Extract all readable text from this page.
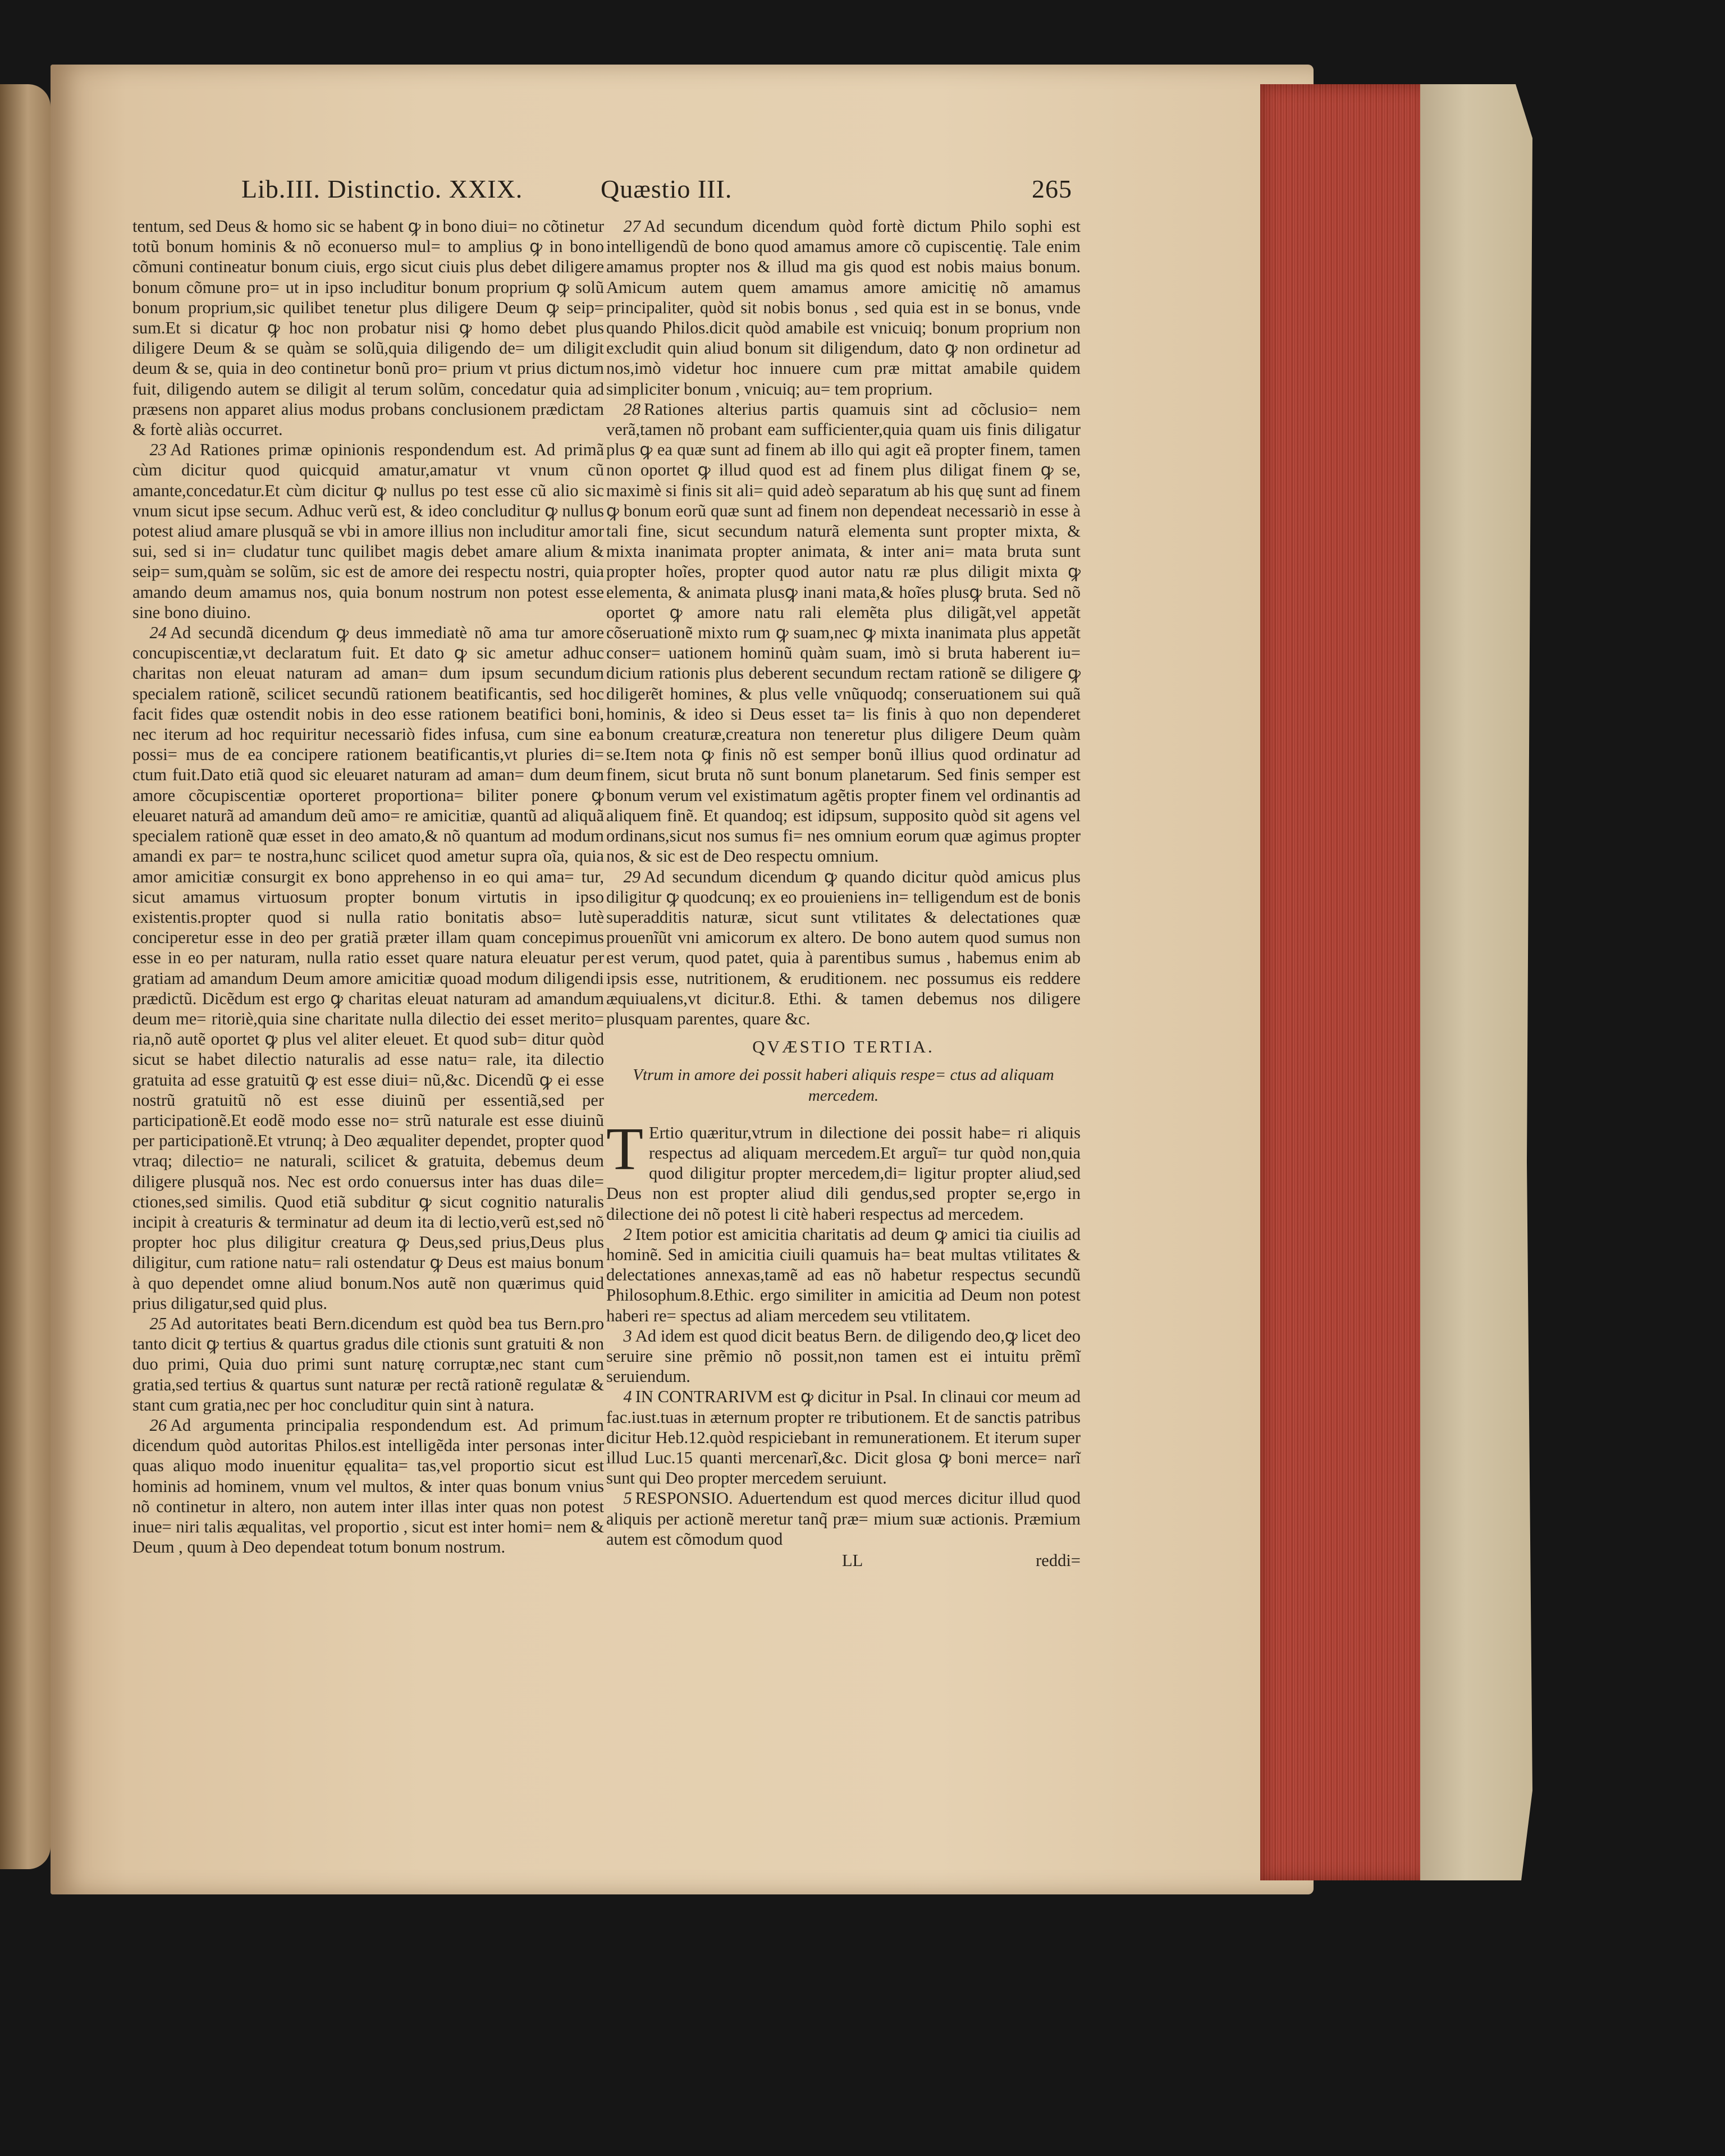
Lib.III. Distinctio. XXIX.	Quæstio III.	265

tentum, sed Deus & homo sic se habent ꝙ in bono diui= no cõtinetur totũ bonum hominis & nõ econuerso mul= to amplius ꝙ in bono cõmuni contineatur bonum ciuis, ergo sicut ciuis plus debet diligere bonum cõmune pro= ut in ipso includitur bonum proprium ꝙ solũ bonum proprium,sic quilibet tenetur plus diligere Deum ꝙ seip= sum.Et si dicatur ꝙ hoc non probatur nisi ꝙ homo debet plus diligere Deum & se quàm se solũ,quia diligendo de= um diligit deum & se, quia in deo continetur bonũ pro= prium vt prius dictum fuit, diligendo autem se diligit al terum solũm, concedatur quia ad præsens non apparet alius modus probans conclusionem prædictam & fortè aliàs occurret.

 23 Ad Rationes primæ opinionis respondendum est. Ad primã cùm dicitur quod quicquid amatur,amatur vt vnum cũ amante,concedatur.Et cùm dicitur ꝙ nullus po test esse cũ alio sic vnum sicut ipse secum. Adhuc verũ est, & ideo concluditur ꝙ nullus potest aliud amare plusquã se vbi in amore illius non includitur amor sui, sed si in= cludatur tunc quilibet magis debet amare alium & seip= sum,quàm se solũm, sic est de amore dei respectu nostri, quia amando deum amamus nos, quia bonum nostrum non potest esse sine bono diuino.

 24 Ad secundã dicendum ꝙ deus immediatè nõ ama tur amore concupiscentiæ,vt declaratum fuit. Et dato ꝙ sic ametur adhuc charitas non eleuat naturam ad aman= dum ipsum secundum specialem rationẽ, scilicet secundũ rationem beatificantis, sed hoc facit fides quæ ostendit nobis in deo esse rationem beatifici boni, nec iterum ad hoc requiritur necessariò fides infusa, cum sine ea possi= mus de ea concipere rationem beatificantis,vt pluries di= ctum fuit.Dato etiã quod sic eleuaret naturam ad aman= dum deum amore cõcupiscentiæ oporteret proportiona= biliter ponere ꝙ eleuaret naturã ad amandum deũ amo= re amicitiæ, quantũ ad aliquã specialem rationẽ quæ esset in deo amato,& nõ quantum ad modum amandi ex par= te nostra,hunc scilicet quod ametur supra oĩa, quia amor amicitiæ consurgit ex bono apprehenso in eo qui ama= tur, sicut amamus virtuosum propter bonum virtutis in ipso existentis.propter quod si nulla ratio bonitatis abso= lutè conciperetur esse in deo per gratiã præter illam quam concepimus esse in eo per naturam, nulla ratio esset quare natura eleuatur per gratiam ad amandum Deum amore amicitiæ quoad modum diligendi prædictũ. Dicẽdum est ergo ꝙ charitas eleuat naturam ad amandum deum me= ritoriè,quia sine charitate nulla dilectio dei esset merito= ria,nõ autẽ oportet ꝙ plus vel aliter eleuet. Et quod sub= ditur quòd sicut se habet dilectio naturalis ad esse natu= rale, ita dilectio gratuita ad esse gratuitũ ꝙ est esse diui= nũ,&c. Dicendũ ꝙ ei esse nostrũ gratuitũ nõ est esse diuinũ per essentiã,sed per participationẽ.Et eodẽ modo esse no= strũ naturale est esse diuinũ per participationẽ.Et vtrunq; à Deo æqualiter dependet, propter quod vtraq; dilectio= ne naturali, scilicet & gratuita, debemus deum diligere plusquã nos. Nec est ordo conuersus inter has duas dile= ctiones,sed similis. Quod etiã subditur ꝙ sicut cognitio naturalis incipit à creaturis & terminatur ad deum ita di lectio,verũ est,sed nõ propter hoc plus diligitur creatura ꝙ Deus,sed prius,Deus plus diligitur, cum ratione natu= rali ostendatur ꝙ Deus est maius bonum à quo dependet omne aliud bonum.Nos autẽ non quærimus quid prius diligatur,sed quid plus.

 25 Ad autoritates beati Bern.dicendum est quòd bea tus Bern.pro tanto dicit ꝙ tertius & quartus gradus dile ctionis sunt gratuiti & non duo primi, Quia duo primi sunt naturę corruptæ,nec stant cum gratia,sed tertius & quartus sunt naturæ per rectã rationẽ regulatæ & stant cum gratia,nec per hoc concluditur quin sint à natura.

 26 Ad argumenta principalia respondendum est. Ad primum dicendum quòd autoritas Philos.est intelligẽda inter personas inter quas aliquo modo inuenitur ęqualita= tas,vel proportio sicut est hominis ad hominem, vnum vel multos, & inter quas bonum vnius nõ continetur in altero, non autem inter illas inter quas non potest inue= niri talis æqualitas, vel proportio , sicut est inter homi= nem & Deum , quum à Deo dependeat totum bonum nostrum.

 27 Ad secundum dicendum quòd fortè dictum Philo sophi est intelligendũ de bono quod amamus amore cõ cupiscentię. Tale enim amamus propter nos & illud ma gis quod est nobis maius bonum. Amicum autem quem amamus amore amicitię nõ amamus principaliter, quòd sit nobis bonus , sed quia est in se bonus, vnde quando Philos.dicit quòd amabile est vnicuiq; bonum proprium non excludit quin aliud bonum sit diligendum, dato ꝙ non ordinetur ad nos,imò videtur hoc innuere cum præ mittat amabile quidem simpliciter bonum , vnicuiq; au= tem proprium.

 28 Rationes alterius partis quamuis sint ad cõclusio= nem verã,tamen nõ probant eam sufficienter,quia quam uis finis diligatur plus ꝙ ea quæ sunt ad finem ab illo qui agit eã propter finem, tamen non oportet ꝙ illud quod est ad finem plus diligat finem ꝙ se, maximè si finis sit ali= quid adeò separatum ab his quę sunt ad finem ꝙ bonum eorũ quæ sunt ad finem non dependeat necessariò in esse à tali fine, sicut secundum naturã elementa sunt propter mixta, & mixta inanimata propter animata, & inter ani= mata bruta sunt propter hoĩes, propter quod autor natu ræ plus diligit mixta ꝙ elementa, & animata plusꝙ inani mata,& hoĩes plusꝙ bruta. Sed nõ oportet ꝙ amore natu rali elemẽta plus diligãt,vel appetãt cõseruationẽ mixto rum ꝙ suam,nec ꝙ mixta inanimata plus appetãt conser= uationem hominũ quàm suam, imò si bruta haberent iu= dicium rationis plus deberent secundum rectam rationẽ se diligere ꝙ diligerẽt homines, & plus velle vnũquodq; conseruationem sui quã hominis, & ideo si Deus esset ta= lis finis à quo non dependeret bonum creaturæ,creatura non teneretur plus diligere Deum quàm se.Item nota ꝙ finis nõ est semper bonũ illius quod ordinatur ad finem, sicut bruta nõ sunt bonum planetarum. Sed finis semper est bonum verum vel existimatum agẽtis propter finem vel ordinantis ad aliquem finẽ. Et quandoq; est idipsum, supposito quòd sit agens vel ordinans,sicut nos sumus fi= nes omnium eorum quæ agimus propter nos, & sic est de Deo respectu omnium.

 29 Ad secundum dicendum ꝙ quando dicitur quòd amicus plus diligitur ꝙ quodcunq; ex eo prouieniens in= telligendum est de bonis superadditis naturæ, sicut sunt vtilitates & delectationes quæ prouenĩũt vni amicorum ex altero. De bono autem quod sumus non est verum, quod patet, quia à parentibus sumus , habemus enim ab ipsis esse, nutritionem, & eruditionem. nec possumus eis reddere æquiualens,vt dicitur.8. Ethi. & tamen debemus nos diligere plusquam parentes, quare &c.

QVÆSTIO TERTIA.
Vtrum in amore dei possit haberi aliquis respe= ctus ad aliquam mercedem.

T Ertio quæritur,vtrum in dilectione dei possit habe= ri aliquis respectus ad aliquam mercedem.Et arguĩ= tur quòd non,quia quod diligitur propter mercedem,di= ligitur propter aliud,sed Deus non est propter aliud dili gendus,sed propter se,ergo in dilectione dei nõ potest li citè haberi respectus ad mercedem.

 2 Item potior est amicitia charitatis ad deum ꝙ amici tia ciuilis ad hominẽ. Sed in amicitia ciuili quamuis ha= beat multas vtilitates & delectationes annexas,tamẽ ad eas nõ habetur respectus secundũ Philosophum.8.Ethic. ergo similiter in amicitia ad Deum non potest haberi re= spectus ad aliam mercedem seu vtilitatem.

 3 Ad idem est quod dicit beatus Bern. de diligendo deo,ꝙ licet deo seruire sine prẽmio nõ possit,non tamen est ei intuitu prẽmĩ seruiendum.

 4 IN CONTRARIVM est ꝙ dicitur in Psal. In clinaui cor meum ad fac.iust.tuas in æternum propter re tributionem. Et de sanctis patribus dicitur Heb.12.quòd respiciebant in remunerationem. Et iterum super illud Luc.15 quanti mercenarĩ,&c. Dicit glosa ꝙ boni merce= narĩ sunt qui Deo propter mercedem seruiunt.

 5 RESPONSIO. Aduertendum est quod merces dicitur illud quod aliquis per actionẽ meretur tanq̃ præ= mium suæ actionis. Præmium autem est cõmodum quod

LL	reddi=
